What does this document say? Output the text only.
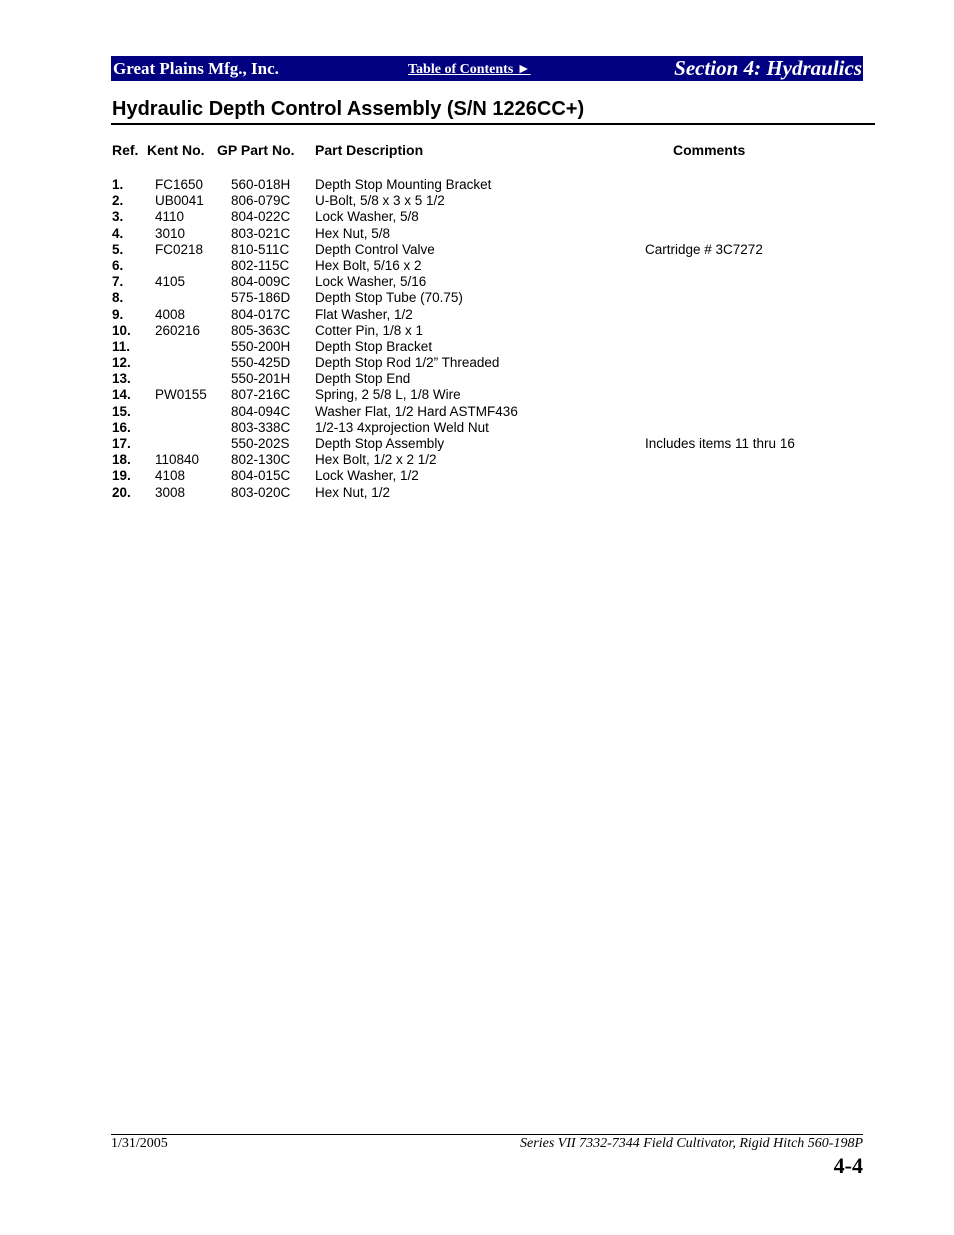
Great Plains Mfg., Inc.	Table of Contents ►	Section 4: Hydraulics
Hydraulic Depth Control Assembly (S/N 1226CC+)
Ref. Kent No. GP Part No. Part Description	Comments
1. FC1650 560-018H Depth Stop Mounting Bracket
2. UB0041 806-079C U-Bolt, 5/8 x 3 x 5 1/2
3. 4110	804-022C Lock Washer, 5/8
4. 3010	803-021C Hex Nut, 5/8
5. FC0218 810-511C Depth Control Valve	Cartridge # 3C7272
6.	802-115C Hex Bolt, 5/16 x 2
7. 4105	804-009C Lock Washer, 5/16
8.	575-186D Depth Stop Tube (70.75)
9. 4008	804-017C Flat Washer, 1/2
10. 260216 805-363C Cotter Pin, 1/8 x 1
11.	550-200H Depth Stop Bracket
12.	550-425D Depth Stop Rod 1/2” Threaded
13.	550-201H Depth Stop End
14. PW0155 807-216C Spring, 2 5/8 L, 1/8 Wire
15.	804-094C Washer Flat, 1/2 Hard ASTMF436
16.	803-338C 1/2-13 4xprojection Weld Nut
17.	550-202S Depth Stop Assembly	Includes items 11 thru 16
18. 110840 802-130C Hex Bolt, 1/2 x 2 1/2
19. 4108	804-015C Lock Washer, 1/2
20. 3008	803-020C Hex Nut, 1/2
1/31/2005	Series VII 7332-7344 Field Cultivator, Rigid Hitch 560-198P
4-4
